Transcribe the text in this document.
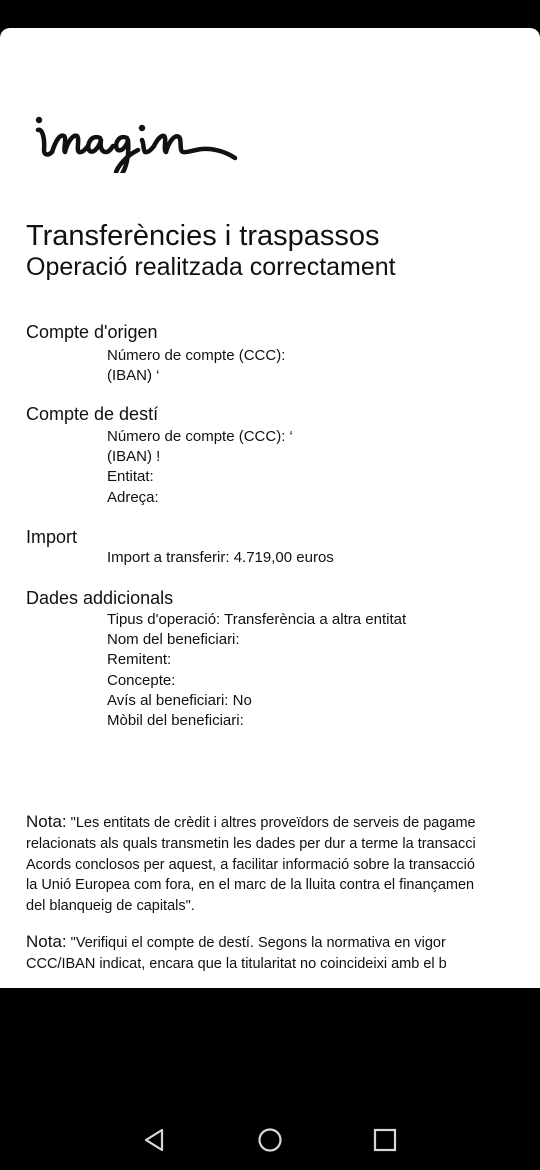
Transferències i traspassos
Operació realitzada correctament
Compte d'origen
Número de compte (CCC):
(IBAN) ‘
Compte de destí
Número de compte (CCC): ‘
(IBAN) !
Entitat:
Adreça:
Import
Import a transferir: 4.719,00 euros
Dades addicionals
Tipus d'operació: Transferència a altra entitat
Nom del beneficiari:
Remitent:
Concepte:
Avís al beneficiari: No
Mòbil del beneficiari:
Nota: "Les entitats de crèdit i altres proveïdors de serveis de pagame
relacionats als quals transmetin les dades per dur a terme la transacci
Acords conclosos per aquest, a facilitar informació sobre la transacció
la Unió Europea com fora, en el marc de la lluita contra el finançamen
del blanqueig de capitals".
Nota: "Verifiqui el compte de destí. Segons la normativa en vigor
CCC/IBAN indicat, encara que la titularitat no coincideixi amb el b
